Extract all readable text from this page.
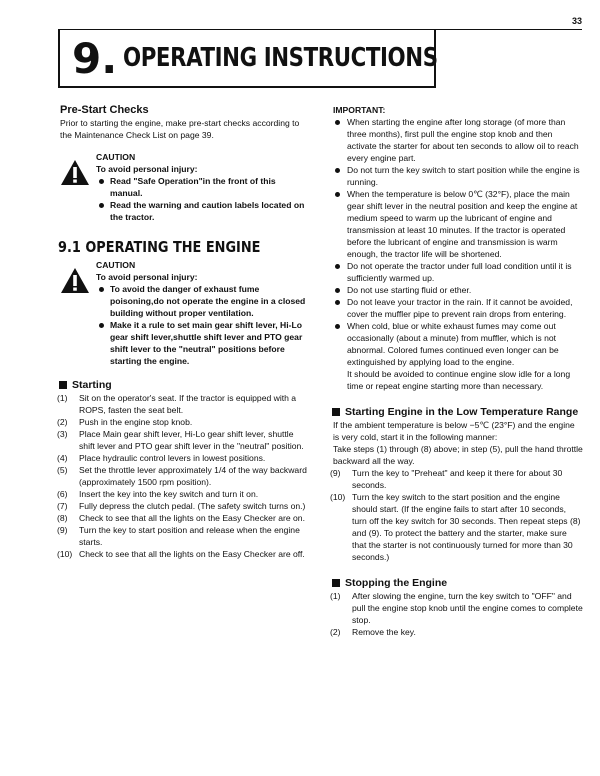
33
9. OPERATING INSTRUCTIONS
Pre-Start Checks

Prior to starting the engine, make pre-start checks according to the Maintenance Check List on page 39.

CAUTION
To avoid personal injury:
Read "Safe Operation"in the front of this manual.
Read the warning and caution labels located on the tractor.
9.1 OPERATING THE ENGINE
CAUTION
To avoid personal injury:
To avoid the danger of exhaust fume poisoning,do not operate the engine in a closed building without proper ventilation.
Make it a rule to set main gear shift lever, Hi-Lo gear shift lever,shuttle shift lever and PTO gear shift lever to the "neutral" positions before starting the engine.
Starting
(1)	Sit on the operator's seat. If the tractor is equipped with a ROPS, fasten the seat belt.
(2)	Push in the engine stop knob.
(3)	Place Main gear shift lever, Hi-Lo gear shift lever, shuttle shift lever and PTO gear shift lever in the "neutral" position.
(4)	Place hydraulic control levers in lowest positions.
(5)	Set the throttle lever approximately 1/4 of the way backward (approximately 1500 rpm position).
(6)	Insert the key into the key switch and turn it on.
(7)	Fully depress the clutch pedal. (The safety switch turns on.)
(8)	Check to see that all the lights on the Easy Checker are on.
(9)	Turn the key to start position and release when the engine starts.
(10) Check to see that all the lights on the Easy Checker are off.
IMPORTANT:
When starting the engine after long storage (of more than three months), first pull the engine stop knob and then activate the starter for about ten seconds to allow oil to reach every engine part.
Do not turn the key switch to start position while the engine is running.
When the temperature is below 0℃ (32°F), place the main gear shift lever in the neutral position and keep the engine at medium speed to warm up the lubricant of engine and transmission at least 10 minutes. If the tractor is operated before the lubricant of engine and transmission is warm enough, the tractor life will be shortened.
Do not operate the tractor under full load condition until it is sufficiently warmed up.
Do not use starting fluid or ether.
Do not leave your tractor in the rain. If it cannot be avoided, cover the muffler pipe to prevent rain drops from entering.
When cold, blue or white exhaust fumes may come out occasionally (about a minute) from muffler, which is not abnormal. Colored fumes continued even longer can be extinguished by applying load to the engine.

It should be avoided to continue engine slow idle for a long time or repeat engine starting more than necessary.

Starting Engine in the Low Temperature Range

If the ambient temperature is below −5℃ (23°F) and the engine is very cold, start it in the following manner:

Take steps (1) through (8) above; in step (5), pull the hand throttle backward all the way.

(9)	Turn the key to "Preheat" and keep it there for about 30 seconds.
(10) Turn the key switch to the start position and the engine should start. (If the engine fails to start after 10 seconds, turn off the key switch for 30 seconds. Then repeat steps (8) and (9). To protect the battery and the starter, make sure that the starter is not continuously turned for more than 30 seconds.)
Stopping the Engine
(1)	After slowing the engine, turn the key switch to "OFF" and pull the engine stop knob until the engine comes to complete stop.
(2)	Remove the key.
